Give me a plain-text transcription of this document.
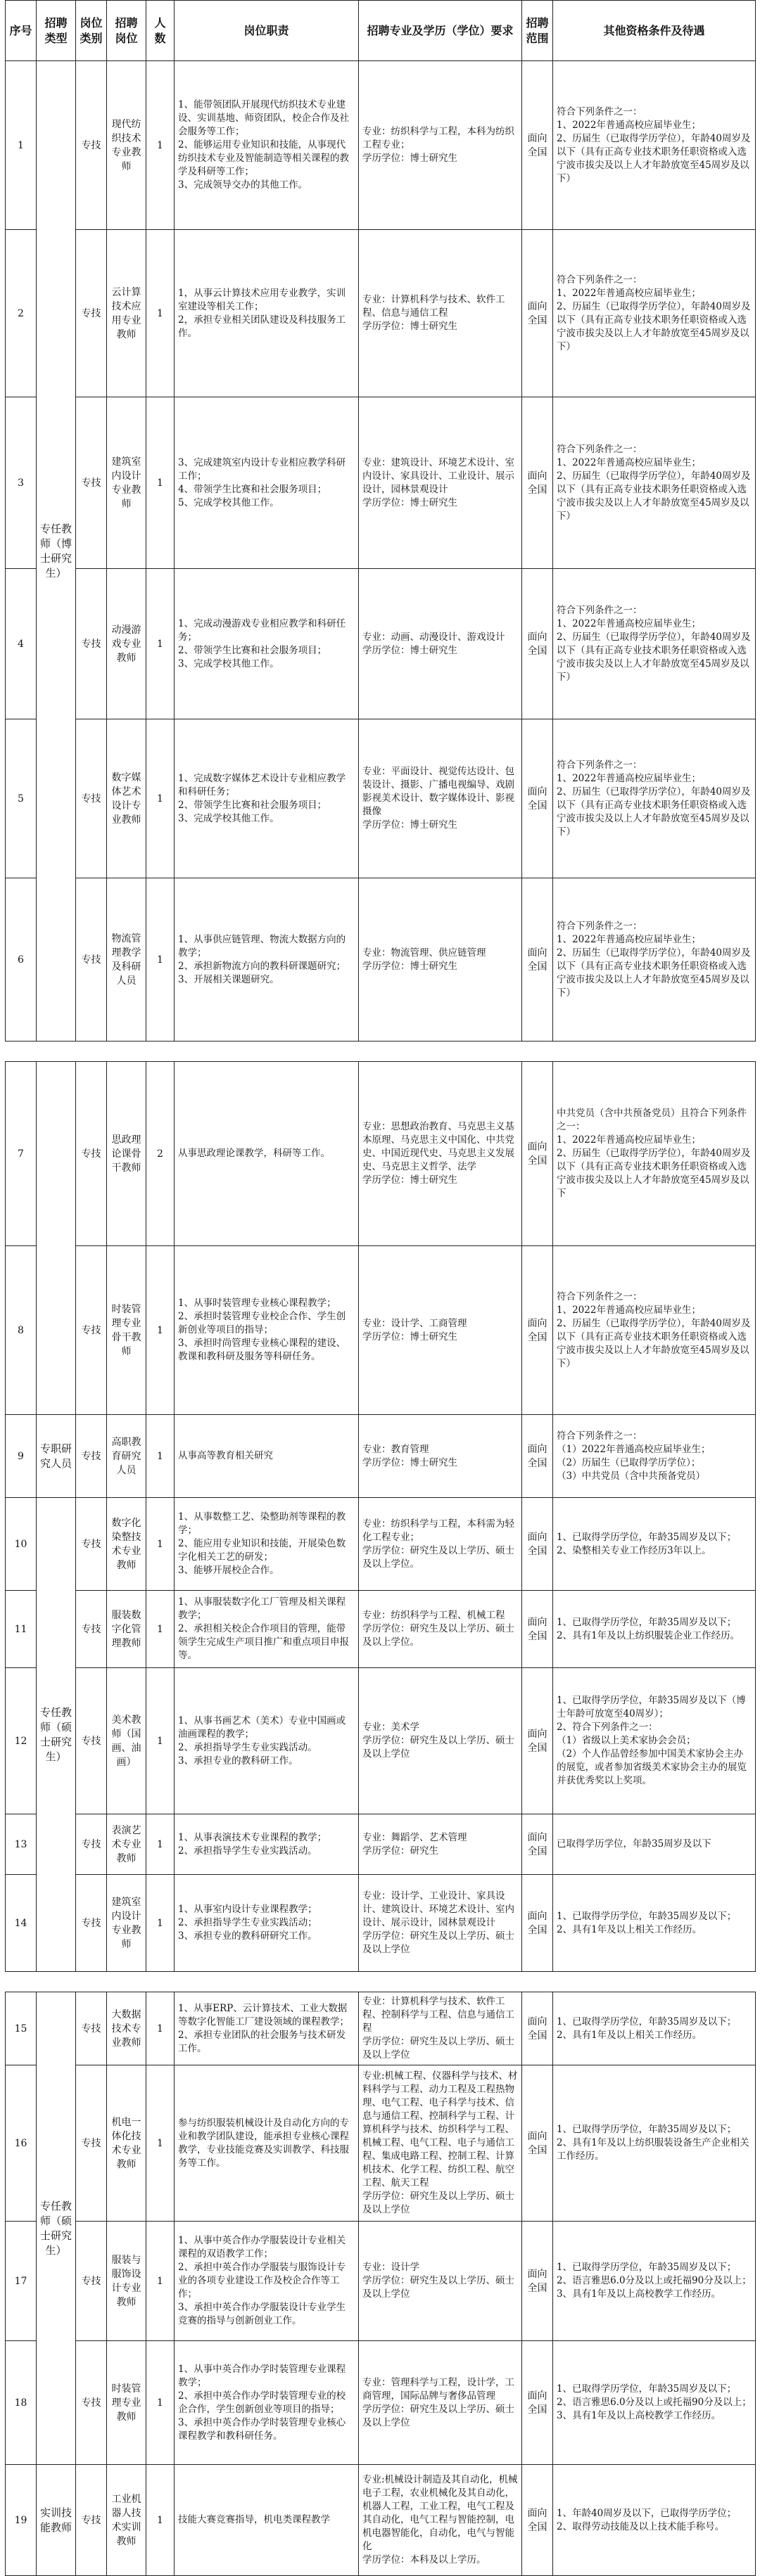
序号	招聘类型	岗位类别	招聘岗位	人数	岗位职责	招聘专业及学历（学位）要求	招聘范围	其他资格条件及待遇
1	专任教师（博士研究生）	专技	现代纺织技术专业教师	1	1、能带领团队开展现代纺织技术专业建设、实训基地、师资团队，校企合作及社会服务等工作；
2、能够运用专业知识和技能，从事现代纺织技术专业及智能制造等相关课程的教学及科研等工作；
3、完成领导交办的其他工作。	专业：纺织科学与工程，本科为纺织工程专业；
学历学位：博士研究生	面向全国	符合下列条件之一：
1、2022年普通高校应届毕业生；
2、历届生（已取得学历学位），年龄40周岁及以下（具有正高专业技术职务任职资格或入选宁波市拔尖及以上人才年龄放宽至45周岁及以下）
2		专技	云计算技术应用专业教师	1	1，从事云计算技术应用专业教学，实训室建设等相关工作；
2，承担专业相关团队建设及科技服务工作。	专业：计算机科学与技术、软件工程、信息与通信工程
学历学位：博士研究生	面向全国	符合下列条件之一：
1、2022年普通高校应届毕业生；
2、历届生（已取得学历学位），年龄40周岁及以下（具有正高专业技术职务任职资格或入选宁波市拔尖及以上人才年龄放宽至45周岁及以下）
3		专技	建筑室内设计专业教师	1	3、完成建筑室内设计专业相应教学科研工作；
4、带领学生比赛和社会服务项目；
5、完成学校其他工作。	专业：建筑设计、环境艺术设计、室内设计、家具设计、工业设计、展示设计，园林景观设计
学历学位：博士研究生	面向全国	符合下列条件之一：
1、2022年普通高校应届毕业生；
2、历届生（已取得学历学位），年龄40周岁及以下（具有正高专业技术职务任职资格或入选宁波市拔尖及以上人才年龄放宽至45周岁及以下）
4		专技	动漫游戏专业教师	1	1、完成动漫游戏专业相应教学和科研任务；
2、带领学生比赛和社会服务项目；
3、完成学校其他工作。	专业：动画、动漫设计、游戏设计
学历学位：博士研究生	面向全国	符合下列条件之一：
1、2022年普通高校应届毕业生；
2、历届生（已取得学历学位），年龄40周岁及以下（具有正高专业技术职务任职资格或入选宁波市拔尖及以上人才年龄放宽至45周岁及以下）
5		专技	数字媒体艺术设计专业教师	1	1、完成数字媒体艺术设计专业相应教学和科研任务；
2、带领学生比赛和社会服务项目；
3、完成学校其他工作。	专业：平面设计、视觉传达设计、包装设计、摄影、广播电视编导、戏剧影视美术设计、数字媒体设计、影视摄像
学历学位：博士研究生	面向全国	符合下列条件之一：
1、2022年普通高校应届毕业生；
2、历届生（已取得学历学位），年龄40周岁及以下（具有正高专业技术职务任职资格或入选宁波市拔尖及以上人才年龄放宽至45周岁及以下）
6		专技	物流管理教学及科研人员	1	1、从事供应链管理、物流大数据方向的教学；
2、承担新物流方向的教科研课题研究；
3、开展相关课题研究。	专业：物流管理、供应链管理
学历学位：博士研究生	面向全国	符合下列条件之一：
1、2022年普通高校应届毕业生；
2、历届生（已取得学历学位），年龄40周岁及以下（具有正高专业技术职务任职资格或入选宁波市拔尖及以上人才年龄放宽至45周岁及以下）

7		专技	思政理论课骨干教师	2	从事思政理论课教学，科研等工作。	专业：思想政治教育、马克思主义基本原理、马克思主义中国化、中共党史、中国近现代史、马克思主义发展史、马克思主义哲学、法学
学历学位：博士研究生	面向全国	中共党员（含中共预备党员）且符合下列条件之一：
1、2022年普通高校应届毕业生；
2、历届生（已取得学历学位），年龄40周岁及以下（具有正高专业技术职务任职资格或入选宁波市拔尖及以上人才年龄放宽至45周岁及以下
8		专技	时装管理专业骨干教师	1	1、从事时装管理专业核心课程教学；
2、承担时装管理专业校企合作、学生创新创业等项目的指导；
3、承担时尚管理专业核心课程的建设、教课和教科研及服务等科研任务。	专业：设计学、工商管理
学历学位：博士研究生	面向全国	符合下列条件之一：
1、2022年普通高校应届毕业生；
2、历届生（已取得学历学位），年龄40周岁及以下（具有正高专业技术职务任职资格或入选宁波市拔尖及以上人才年龄放宽至45周岁及以下）
9	专职研究人员	专技	高职教育研究人员	1	从事高等教育相关研究	专业：教育管理
学历学位：博士研究生	面向全国	符合下列条件之一：
（1）2022年普通高校应届毕业生；
（2）历届生（已取得学历学位）；
（3）中共党员（含中共预备党员）
10	专任教师（硕士研究生）	专技	数字化染整技术专业教师	1	1、从事数整工艺、染整助剂等课程的教学；
2、能应用专业知识和技能，开展染色数字化相关工艺的研发；
3、能够开展校企合作。	专业：纺织科学与工程，本科需为轻化工程专业；
学历学位：研究生及以上学历、硕士及以上学位。	面向全国	1、已取得学历学位，年龄35周岁及以下；
2、染整相关专业工作经历3年以上。
11		专技	服装数字化管理教师	1	1、从事服装数字化工厂管理及相关课程教学；
2、承担相关校企合作项目的管理，能带领学生完成生产项目推广和重点项目申报等。	专业：纺织科学与工程、机械工程
学历学位：研究生及以上学历、硕士及以上学位。	面向全国	1、已取得学历学位，年龄35周岁及以下；
2、具有1年及以上纺织服装企业工作经历。
12		专技	美术教师（国画、油画）	1	1、从事书画艺术（美术）专业中国画或油画课程的教学；
2、承担指导学生专业实践活动。
3、承担专业的教科研工作。	专业：美术学
学历学位：研究生及以上学历、硕士及以上学位	面向全国	1、已取得学历学位，年龄35周岁及以下（博士年龄可放宽至40周岁）；
2、符合下列条件之一：
（1）省级以上美术家协会会员；
（2）个人作品曾经参加中国美术家协会主办的展览，或者参加省级美术家协会主办的展览并获优秀奖以上奖项。
13		专技	表演艺术专业教师	1	1、从事表演技术专业课程的教学；
2、承担指导学生专业实践活动。	专业：舞蹈学、艺术管理
学历学位：研究生	面向全国	已取得学历学位，年龄35周岁及以下
14		专技	建筑室内设计专业教师	1	1、从事室内设计专业课程教学；
2、承担指导学生专业实践活动；
3、承担专业的教科研研究工作。	专业：设计学、工业设计、家具设计、建筑设计、环境艺术设计、室内设计、展示设计，园林景观设计
学历学位：研究生及以上学历、硕士及以上学位	面向全国	1、已取得学历学位，年龄35周岁及以下；
2、具有1年及以上相关工作经历。

15	专任教师（硕士研究生）	专技	大数据技术专业教师	1	1、从事ERP、云计算技术、工业大数据等数字化智能工厂建设领域的课程教学；
2、承担专业团队的社会服务与技术研发工作。	专业：计算机科学与技术、软件工程、控制科学与工程、信息与通信工程
学历学位：研究生及以上学历、硕士及以上学位	面向全国	1、已取得学历学位，年龄35周岁及以下；
2、具有1年及以上相关工作经历。
16		专技	机电一体化技术专业教师	1	参与纺织服装机械设计及自动化方向的专业和教学团队建设，能承担专业核心课程教学，专业技能竞赛及实训教学、科技服务等工作。	专业:机械工程、仪器科学与技术、材料科学与工程、动力工程及工程热物理、电气工程、电子科学与技术、信息与通信工程、控制科学与工程、计算机科学与技术、纺织科学与工程、机械工程、电气工程、电子与通信工程、集成电路工程、控制工程、计算机技术、化学工程、纺织工程、航空工程、航天工程
学历学位：研究生及以上学历、硕士及以上学位	面向全国	1、已取得学历学位，年龄35周岁及以下；
2、具有1年及以上纺织服装设备生产企业相关工作经历。
17		专技	服装与服饰设计专业教师	1	1、从事中英合作办学服装设计专业相关课程的双语教学工作；
2、承担中英合作办学服装与服饰设计专业的各项专业建设工作及校企合作等工作；
3、承担中英合作办学服装设计专业学生竞赛的指导与创新创业工作。	专业：设计学
学历学位：研究生及以上学历、硕士及以上学位	面向全国	1、已取得学历学位，年龄35周岁及以下；
2、语言雅思6.0分及以上或托福90分及以上；
3、具有1年及以上高校教学工作经历。
18		专技	时装管理专业教师	1	1、从事中英合作办学时装管理专业课程教学；
2、承担中英合作办学时装管理专业的校企合作，学生创新创业等项目的指导；
3、承担中英合作办学时装管理专业核心课程教学和教科研任务。	专业：管理科学与工程，设计学，工商管理，国际品牌与奢侈品管理
学历学位：研究生及以上学历、硕士及以上学位	面向全国	1、已取得学历学位，年龄35周岁及以下；
2、语言雅思6.0分及以上或托福90分及以上；
3、具有1年及以上高校教学工作经历。
19	实训技能教师	专技	工业机器人技术实训教师	1	技能大赛竞赛指导，机电类课程教学	专业:机械设计制造及其自动化，机械电子工程，农业机械化及其自动化，机器人工程，工业工程，电气工程及其自动化，电气工程与智能控制，电机电器智能化，自动化，电气与智能化
学历学位：本科及以上学历。	面向全国	1、年龄40周岁及以下，已取得学历学位；
2、取得劳动技能及以上技术能手称号。
